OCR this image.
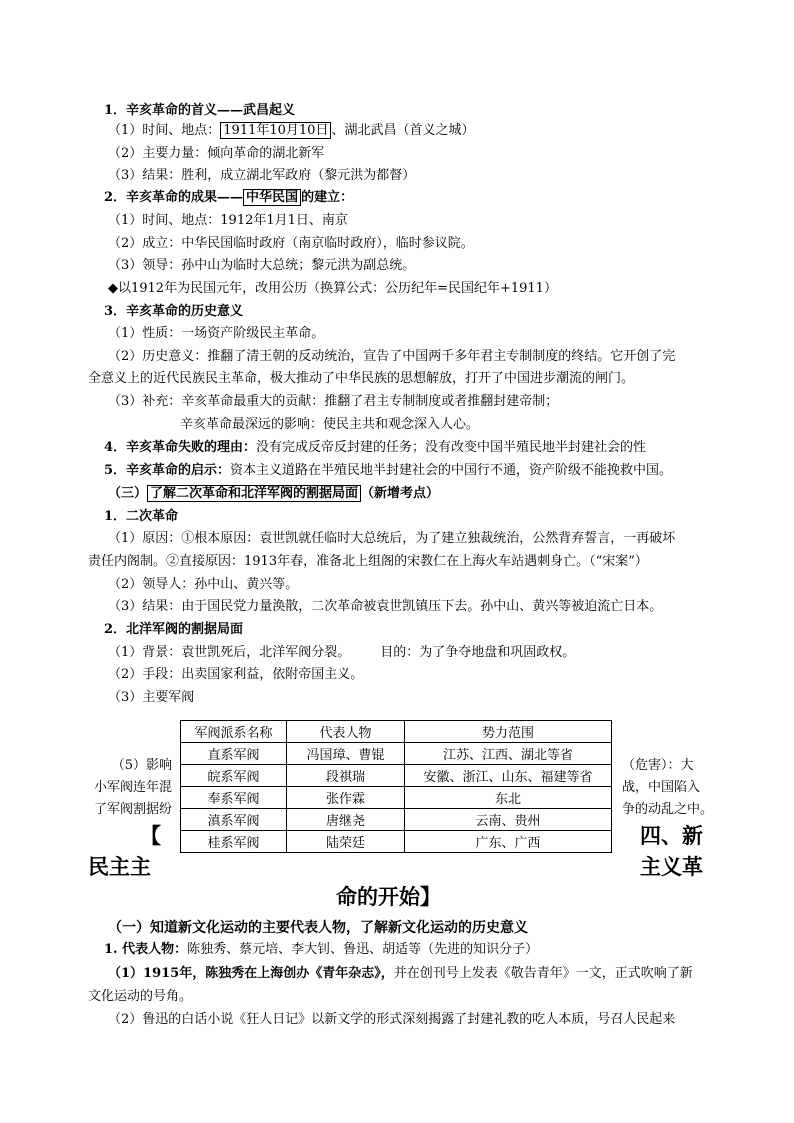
1．辛亥革命的首义——武昌起义
（1）时间、地点： 1911年10月10日 、湖北武昌（首义之城）
（2）主要力量：倾向革命的湖北新军
（3）结果：胜利，成立湖北军政府（黎元洪为都督）
2．辛亥革命的成果—— 中华民国 的建立：
（1）时间、地点：1912年1月1日、南京
（2）成立：中华民国临时政府（南京临时政府），临时参议院。
（3）领导：孙中山为临时大总统；黎元洪为副总统。
◆以1912年为民国元年，改用公历（换算公式：公历纪年=民国纪年+1911）
3．辛亥革命的历史意义
（1）性质：一场资产阶级民主革命。
（2）历史意义：推翻了清王朝的反动统治，宣告了中国两千多年君主专制制度的终结。它开创了完
全意义上的近代民族民主革命，极大推动了中华民族的思想解放，打开了中国进步潮流的闸门。
（3）补充：辛亥革命最重大的贡献：推翻了君主专制制度或者推翻封建帝制；
辛亥革命最深远的影响：使民主共和观念深入人心。
4．辛亥革命失败的理由：没有完成反帝反封建的任务；没有改变中国半殖民地半封建社会的性
5．辛亥革命的启示：资本主义道路在半殖民地半封建社会的中国行不通，资产阶级不能挽救中国。
（三） 了解二次革命和北洋军阀的割据局面 （新增考点）
1．二次革命
（1）原因：①根本原因：袁世凯就任临时大总统后，为了建立独裁统治，公然背弃誓言，一再破坏
责任内阁制。②直接原因：1913年春，准备北上组阁的宋教仁在上海火车站遇刺身亡。（“宋案”）
（2）领导人：孙中山、黄兴等。
（3）结果：由于国民党力量涣散，二次革命被袁世凯镇压下去。孙中山、黄兴等被迫流亡日本。
2．北洋军阀的割据局面
（1）背景：袁世凯死后，北洋军阀分裂。 目的：为了争夺地盘和巩固政权。
（2）手段：出卖国家利益，依附帝国主义。
（3）主要军阀
军阀派系名称	代表人物	势力范围
直系军阀	冯国璋、曹锟	江苏、江西、湖北等省
皖系军阀	段祺瑞	安徽、浙江、山东、福建等省
奉系军阀	张作霖	东北
滇系军阀	唐继尧	云南、贵州
桂系军阀	陆荣廷	广东、广西
（5）影响
小军阀连年混
了军阀割据纷
（危害）：大
战，中国陷入
争的动乱之中。
【
民主主
四、新
主义革
命的开始】
（一）知道新文化运动的主要代表人物，了解新文化运动的历史意义
1. 代表人物：陈独秀、蔡元培、李大钊、鲁迅、胡适等（先进的知识分子）
（1）1915年，陈独秀在上海创办《青年杂志》，并在创刊号上发表《敬告青年》一文，正式吹响了新
文化运动的号角。
（2）鲁迅的白话小说《狂人日记》以新文学的形式深刻揭露了封建礼教的吃人本质，号召人民起来
